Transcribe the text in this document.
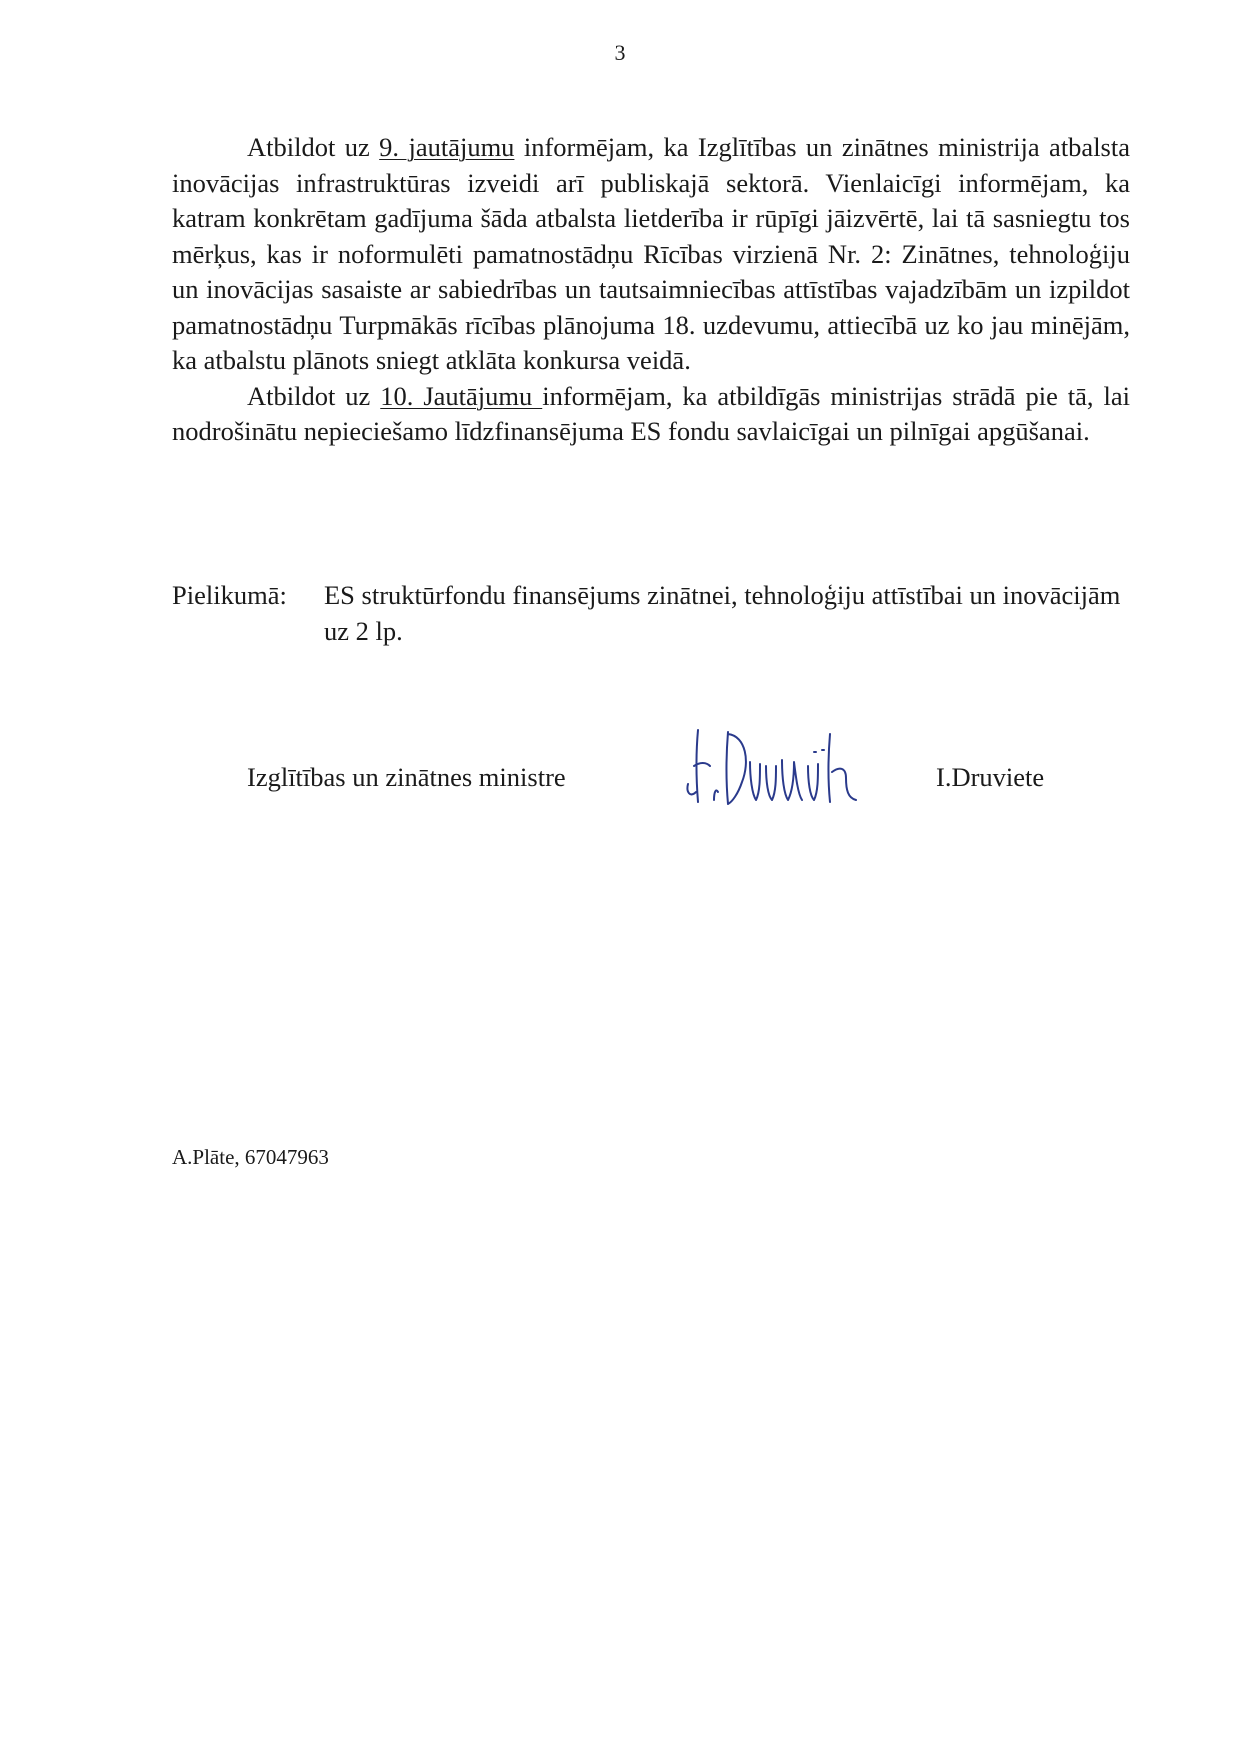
3

Atbildot uz 9. jautājumu informējam, ka Izglītības un zinātnes ministrija atbalsta inovācijas infrastruktūras izveidi arī publiskajā sektorā. Vienlaicīgi informējam, ka katram konkrētam gadījuma šāda atbalsta lietderība ir rūpīgi jāizvērtē, lai tā sasniegtu tos mērķus, kas ir noformulēti pamatnostādņu Rīcības virzienā Nr. 2: Zinātnes, tehnoloģiju un inovācijas sasaiste ar sabiedrības un tautsaimniecības attīstības vajadzībām un izpildot pamatnostādņu Turpmākās rīcības plānojuma 18. uzdevumu, attiecībā uz ko jau minējām, ka atbalstu plānots sniegt atklāta konkursa veidā.

Atbildot uz 10. Jautājumu informējam, ka atbildīgās ministrijas strādā pie tā, lai nodrošinātu nepieciešamo līdzfinansējuma ES fondu savlaicīgai un pilnīgai apgūšanai.

Pielikumā:	ES struktūrfondu finansējums zinātnei, tehnoloģiju attīstībai un inovācijām uz 2 lp.
Izglītības un zinātnes ministre	I.Druviete
A.Plāte, 67047963
